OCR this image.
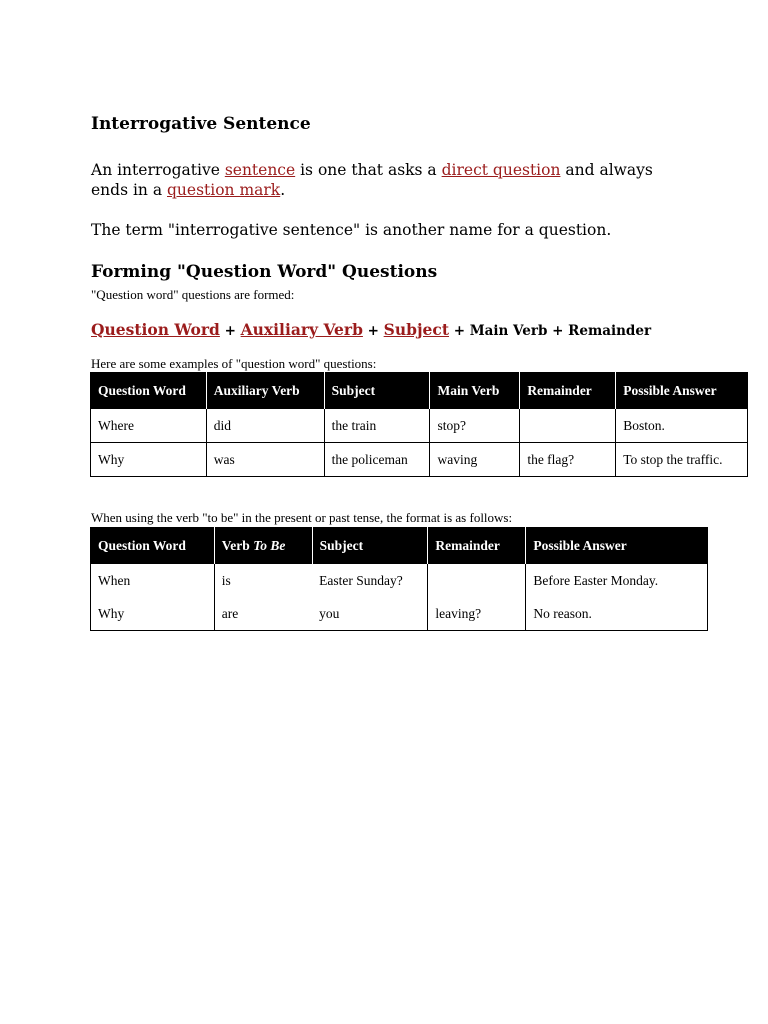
Interrogative Sentence
An interrogative sentence is one that asks a direct question and always ends in a question mark.
The term "interrogative sentence" is another name for a question.
Forming "Question Word" Questions
"Question word" questions are formed:
Question Word + Auxiliary Verb + Subject + Main Verb + Remainder
Here are some examples of "question word" questions:
Question Word	Auxiliary Verb	Subject	Main Verb	Remainder	Possible Answer
Where	did	the train	stop?		Boston.
Why	was	the policeman	waving	the flag?	To stop the traffic.
When using the verb "to be" in the present or past tense, the format is as follows:
Question Word	Verb To Be	Subject	Remainder	Possible Answer
When	is	Easter Sunday?		Before Easter Monday.
Why	are	you	leaving?	No reason.
